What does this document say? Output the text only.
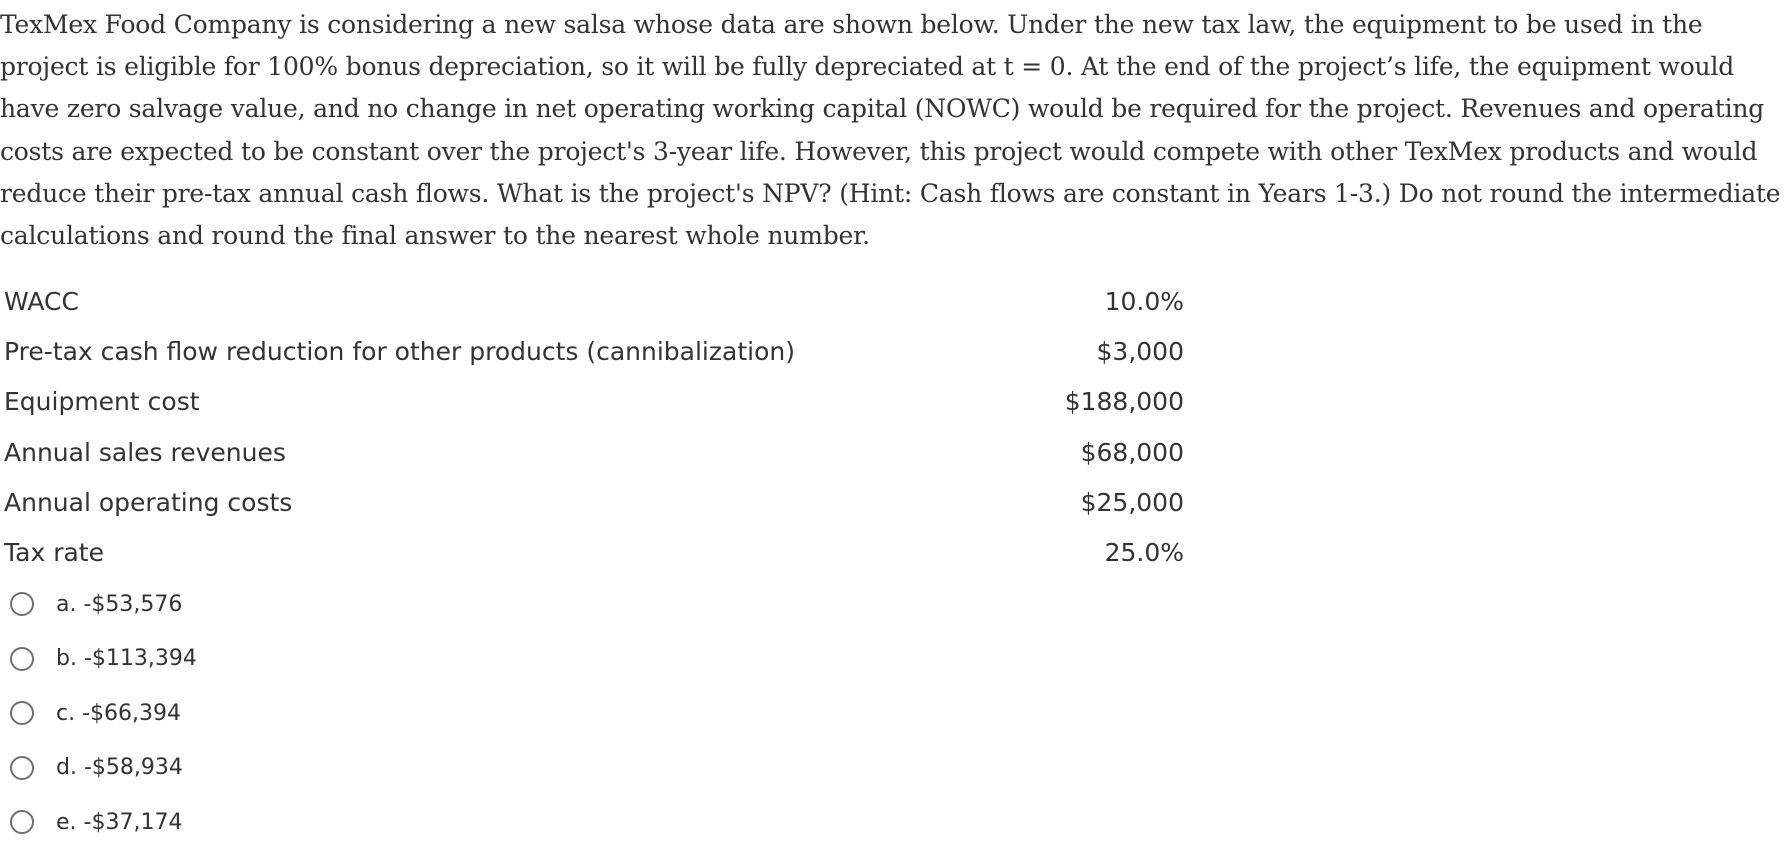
TexMex Food Company is considering a new salsa whose data are shown below. Under the new tax law, the equipment to be used in the project is eligible for 100% bonus depreciation, so it will be fully depreciated at t = 0. At the end of the project’s life, the equipment would have zero salvage value, and no change in net operating working capital (NOWC) would be required for the project. Revenues and operating costs are expected to be constant over the project's 3-year life. However, this project would compete with other TexMex products and would reduce their pre-tax annual cash flows. What is the project's NPV? (Hint: Cash flows are constant in Years 1-3.) Do not round the intermediate calculations and round the final answer to the nearest whole number.

WACC	10.0%
Pre-tax cash flow reduction for other products (cannibalization)	$3,000
Equipment cost	$188,000
Annual sales revenues	$68,000
Annual operating costs	$25,000
Tax rate	25.0%
a.
-$53,576
b.
-$113,394
c.
-$66,394
d.
-$58,934
e.
-$37,174
